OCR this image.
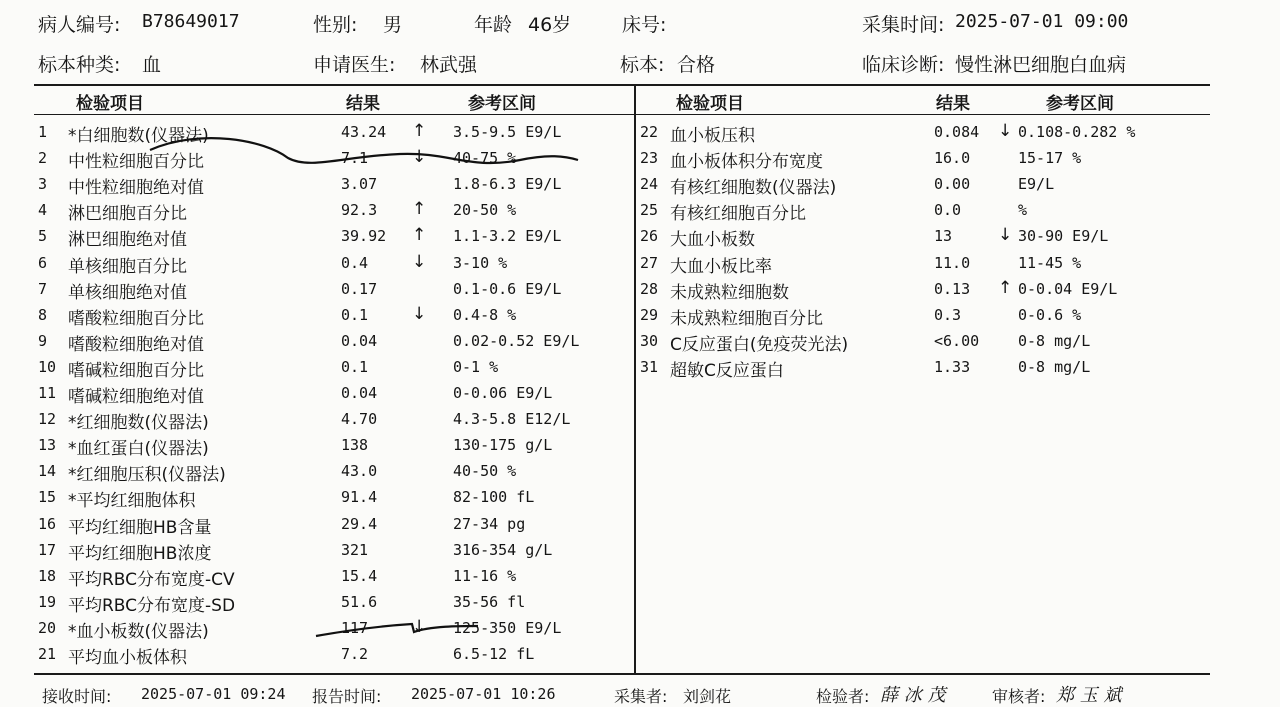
病人编号: B78649017	性别: 男	年龄 46岁	床号:	采集时间: 2025-07-01 09:00
标本种类: 血	申请医生: 林武强	标本: 合格	临床诊断: 慢性淋巴细胞白血病
检验项目	结果	参考区间	检验项目	结果	参考区间
1 *白细胞数(仪器法)	43.24 ↑ 3.5-9.5 E9/L
2 中性粒细胞百分比	7.1	↓ 40-75 %
3 中性粒细胞绝对值	3.07	1.8-6.3 E9/L
4 淋巴细胞百分比	92.3 ↑ 20-50 %
5 淋巴细胞绝对值	39.92 ↑ 1.1-3.2 E9/L
6 单核细胞百分比	0.4	↓ 3-10 %
7 单核细胞绝对值	0.17	0.1-0.6 E9/L
8 嗜酸粒细胞百分比	0.1	↓ 0.4-8 %
9 嗜酸粒细胞绝对值	0.04	0.02-0.52 E9/L
10 嗜碱粒细胞百分比	0.1	0-1 %
11 嗜碱粒细胞绝对值	0.04	0-0.06 E9/L
12 *红细胞数(仪器法)	4.70	4.3-5.8 E12/L
13 *血红蛋白(仪器法)	138	130-175 g/L
14 *红细胞压积(仪器法)	43.0	40-50 %
15 *平均红细胞体积	91.4	82-100 fL
16 平均红细胞HB含量	29.4	27-34 pg
17 平均红细胞HB浓度	321	316-354 g/L
18 平均RBC分布宽度-CV	15.4	11-16 %
19 平均RBC分布宽度-SD	51.6	35-56 fl
20 *血小板数(仪器法)	117	↓ 125-350 E9/L
21 平均血小板体积	7.2	6.5-12 fL
22 血小板压积	0.084 ↓ 0.108-0.282 %
23 血小板体积分布宽度	16.0	15-17 %
24 有核红细胞数(仪器法)	0.00	E9/L
25 有核红细胞百分比	0.0	%
26 大血小板数	13	↓ 30-90 E9/L
27 大血小板比率	11.0	11-45 %
28 未成熟粒细胞数	0.13 ↑ 0-0.04 E9/L
29 未成熟粒细胞百分比	0.3	0-0.6 %
30 C反应蛋白(免疫荧光法)	<6.00	0-8 mg/L
31 超敏C反应蛋白	1.33	0-8 mg/L
接收时间: 2025-07-01 09:24 报告时间: 2025-07-01 10:26	采集者: 刘剑花	检验者: 薛 冰 茂	审核者: 郑 玉 斌
